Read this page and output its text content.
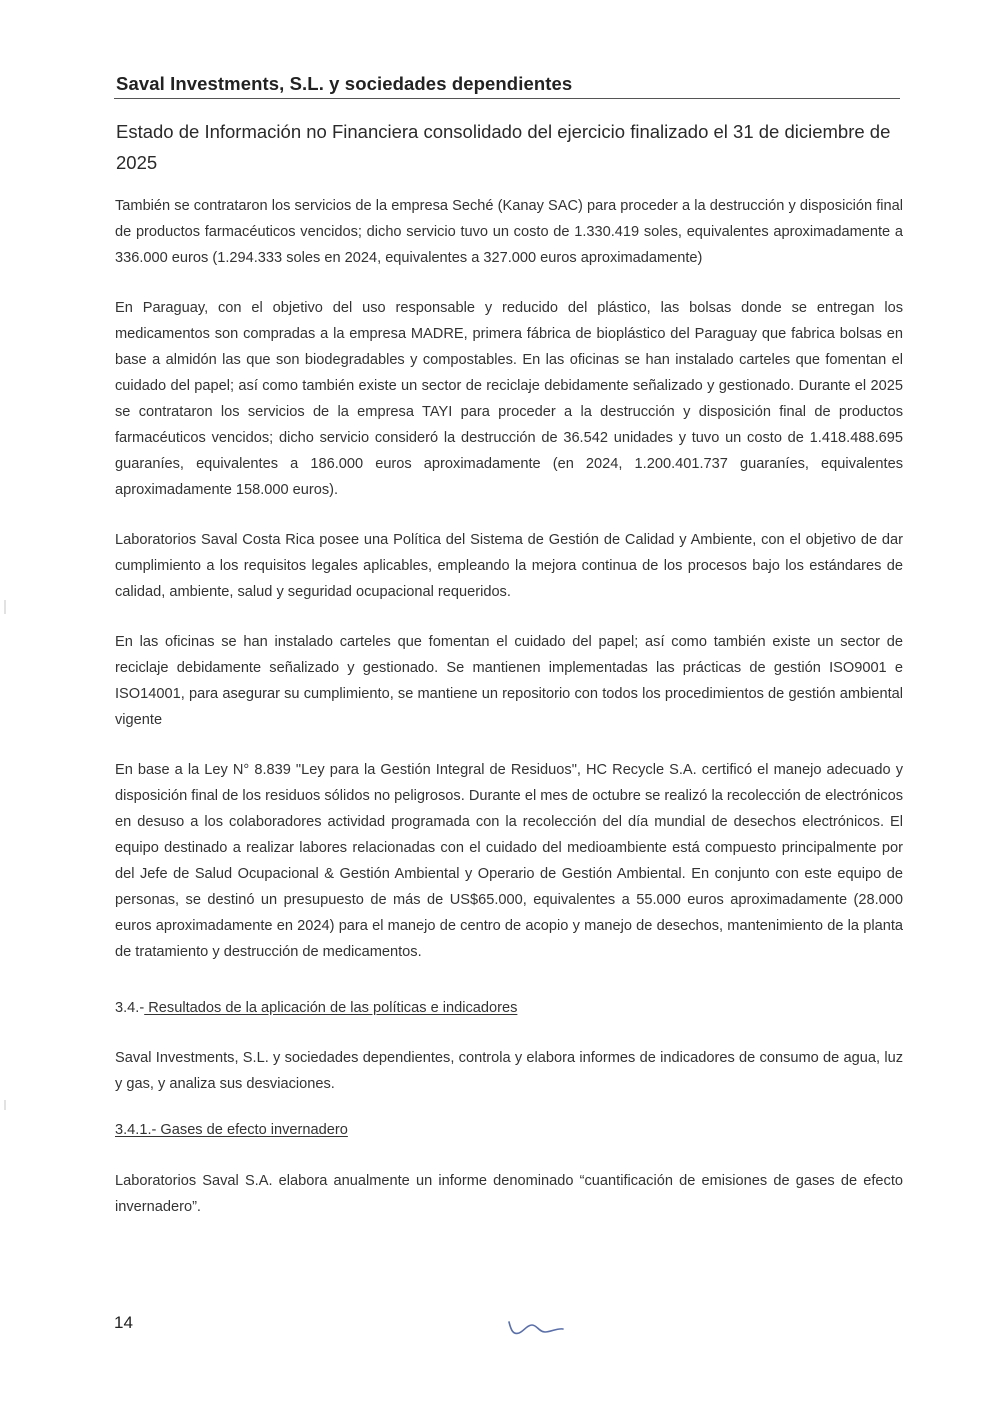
Saval Investments, S.L. y sociedades dependientes
Estado de Información no Financiera consolidado del ejercicio finalizado el 31 de diciembre de 2025

También se contrataron los servicios de la empresa Seché (Kanay SAC) para proceder a la destrucción y disposición final de productos farmacéuticos vencidos; dicho servicio tuvo un costo de 1.330.419 soles, equivalentes aproximadamente a 336.000 euros (1.294.333 soles en 2024, equivalentes a 327.000 euros aproximadamente)

En Paraguay, con el objetivo del uso responsable y reducido del plástico, las bolsas donde se entregan los medicamentos son compradas a la empresa MADRE, primera fábrica de bioplástico del Paraguay que fabrica bolsas en base a almidón las que son biodegradables y compostables. En las oficinas se han instalado carteles que fomentan el cuidado del papel; así como también existe un sector de reciclaje debidamente señalizado y gestionado. Durante el 2025 se contrataron los servicios de la empresa TAYI para proceder a la destrucción y disposición final de productos farmacéuticos vencidos; dicho servicio consideró la destrucción de 36.542 unidades y tuvo un costo de 1.418.488.695 guaraníes, equivalentes a 186.000 euros aproximadamente (en 2024, 1.200.401.737 guaraníes, equivalentes aproximadamente 158.000 euros).

Laboratorios Saval Costa Rica posee una Política del Sistema de Gestión de Calidad y Ambiente, con el objetivo de dar cumplimiento a los requisitos legales aplicables, empleando la mejora continua de los procesos bajo los estándares de calidad, ambiente, salud y seguridad ocupacional requeridos.

En las oficinas se han instalado carteles que fomentan el cuidado del papel; así como también existe un sector de reciclaje debidamente señalizado y gestionado. Se mantienen implementadas las prácticas de gestión ISO9001 e ISO14001, para asegurar su cumplimiento, se mantiene un repositorio con todos los procedimientos de gestión ambiental vigente

En base a la Ley N° 8.839 "Ley para la Gestión Integral de Residuos", HC Recycle S.A. certificó el manejo adecuado y disposición final de los residuos sólidos no peligrosos. Durante el mes de octubre se realizó la recolección de electrónicos en desuso a los colaboradores actividad programada con la recolección del día mundial de desechos electrónicos. El equipo destinado a realizar labores relacionadas con el cuidado del medioambiente está compuesto principalmente por del Jefe de Salud Ocupacional & Gestión Ambiental y Operario de Gestión Ambiental. En conjunto con este equipo de personas, se destinó un presupuesto de más de US$65.000, equivalentes a 55.000 euros aproximadamente (28.000 euros aproximadamente en 2024) para el manejo de centro de acopio y manejo de desechos, mantenimiento de la planta de tratamiento y destrucción de medicamentos.

3.4.- Resultados de la aplicación de las políticas e indicadores

Saval Investments, S.L. y sociedades dependientes, controla y elabora informes de indicadores de consumo de agua, luz y gas, y analiza sus desviaciones.

3.4.1.- Gases de efecto invernadero

Laboratorios Saval S.A. elabora anualmente un informe denominado “cuantificación de emisiones de gases de efecto invernadero”.

14
